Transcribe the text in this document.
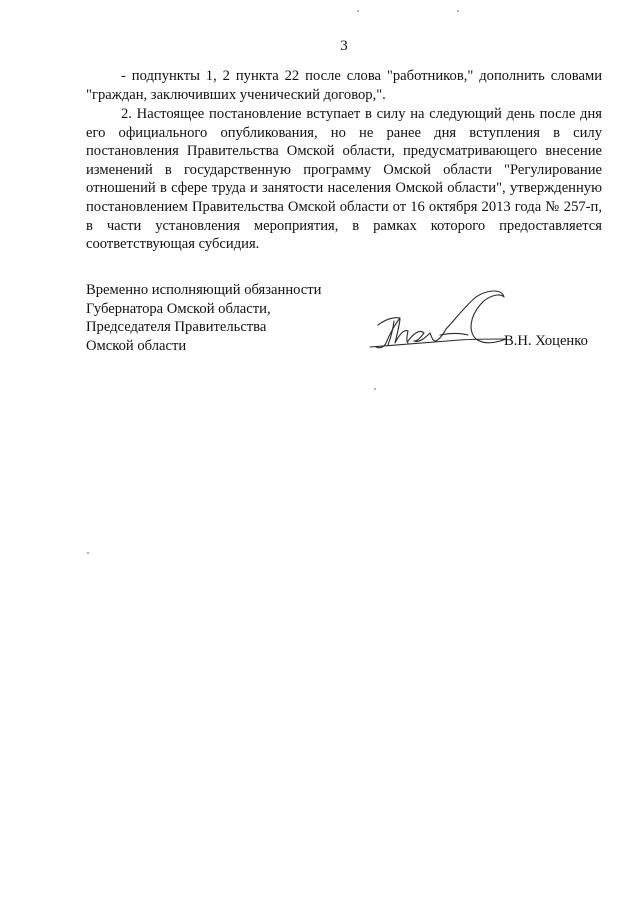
3

- подпункты 1, 2 пункта 22 после слова "работников," дополнить словами "граждан, заключивших ученический договор,".

2. Настоящее постановление вступает в силу на следующий день после дня его официального опубликования, но не ранее дня вступления в силу постановления Правительства Омской области, предусматривающего внесение изменений в государственную программу Омской области "Регулирование отношений в сфере труда и занятости населения Омской области", утвержденную постановлением Правительства Омской области от 16 октября 2013 года № 257-п, в части установления мероприятия, в рамках которого предоставляется соответствующая субсидия.

Временно исполняющий обязанности
Губернатора Омской области,
Председателя Правительства
Омской области	В.Н. Хоценко
